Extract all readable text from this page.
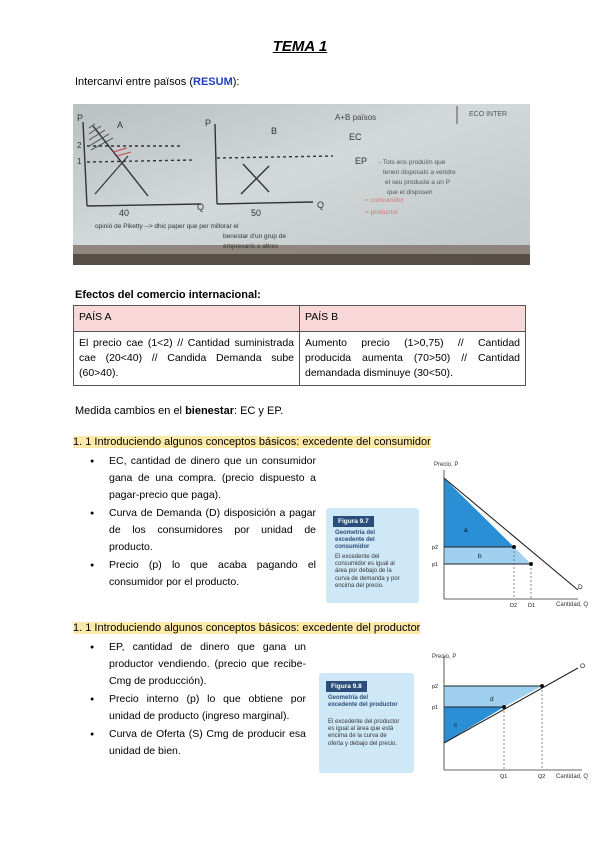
TEMA 1
Intercanvi entre països (RESUM):
P
A
2
1
40
Q
P
B
50
Q
A+B països	ECO INTER
EC
EP - Tots ens produïm que
tenen disposats a vendre
el seu producte a un P
que el disposen
= consumidor
= productor
opinió de Piketty --> dhic paper que per millorar el
benestar d'un grup de
empresaris o altres
Efectos del comercio internacional:
PAÍS A	PAÍS B
El precio cae (1<2) // Cantidad suministrada cae (20<40) // Candida Demanda sube (60>40).	Aumento precio (1>0,75) // Cantidad producida aumenta (70>50) // Cantidad demandada disminuye (30<50).
Medida cambios en el bienestar: EC y EP.
1. 1 Introduciendo algunos conceptos básicos: excedente del consumidor
● EC, cantidad de dinero que un consumidor gana de una compra. (precio dispuesto a pagar-precio que paga).
● Curva de Demanda (D) disposición a pagar de los consumidores por unidad de producto.
● Precio (p) lo que acaba pagando el consumidor por el producto.
Figura 9.7
Geometría del excedente del consumidor
El excedente del consumidor es igual al área por debajo de la curva de demanda y por encima del precio.
Precio, P
Cantidad, Q
a
b
D
p2
p1
D2 D1
1. 1 Introduciendo algunos conceptos básicos: excedente del productor
● EP, cantidad de dinero que gana un productor vendiendo. (precio que recibe-Cmg de producción).
● Precio interno (p) lo que obtiene por unidad de producto (ingreso marginal).
● Curva de Oferta (S) Cmg de producir esa unidad de bien.
Figura 9.8
Geometría del excedente del productor
El excedente del productor es igual al área que está encima de la curva de oferta y debajo del precio.
Precio, P
Cantidad, Q
c
d
O
p2
p1
Q1	Q2
